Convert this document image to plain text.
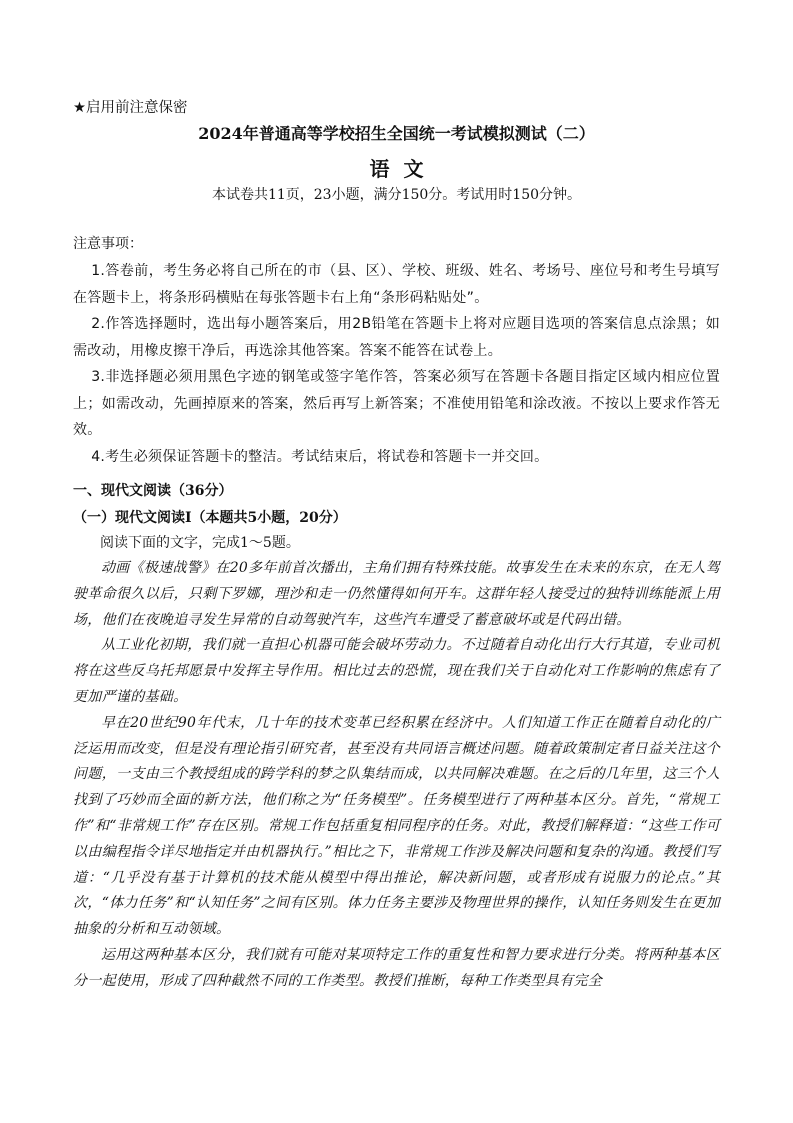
★启用前注意保密
2024年普通高等学校招生全国统一考试模拟测试（二）
语文
本试卷共11页，23小题，满分150分。考试用时150分钟。
注意事项：

1.答卷前，考生务必将自己所在的市（县、区）、学校、班级、姓名、考场号、座位号和考生号填写在答题卡上，将条形码横贴在每张答题卡右上角“条形码粘贴处”。

2.作答选择题时，选出每小题答案后，用2B铅笔在答题卡上将对应题目选项的答案信息点涂黑；如需改动，用橡皮擦干净后，再选涂其他答案。答案不能答在试卷上。

3.非选择题必须用黑色字迹的钢笔或签字笔作答，答案必须写在答题卡各题目指定区域内相应位置上；如需改动，先画掉原来的答案，然后再写上新答案；不准使用铅笔和涂改液。不按以上要求作答无效。

4.考生必须保证答题卡的整洁。考试结束后，将试卷和答题卡一并交回。

一、现代文阅读（36分）
（一）现代文阅读Ⅰ（本题共5小题，20分）
阅读下面的文字，完成1～5题。

动画《极速战警》在20多年前首次播出，主角们拥有特殊技能。故事发生在未来的东京，在无人驾驶革命很久以后，只剩下罗娜，理沙和走一仍然懂得如何开车。这群年轻人接受过的独特训练能派上用场，他们在夜晚追寻发生异常的自动驾驶汽车，这些汽车遭受了蓄意破坏或是代码出错。

从工业化初期，我们就一直担心机器可能会破坏劳动力。不过随着自动化出行大行其道，专业司机将在这些反乌托邦愿景中发挥主导作用。相比过去的恐慌，现在我们关于自动化对工作影响的焦虑有了更加严谨的基础。

早在20世纪90年代末，几十年的技术变革已经积累在经济中。人们知道工作正在随着自动化的广泛运用而改变，但是没有理论指引研究者，甚至没有共同语言概述问题。随着政策制定者日益关注这个问题，一支由三个教授组成的跨学科的梦之队集结而成，以共同解决难题。在之后的几年里，这三个人找到了巧妙而全面的新方法，他们称之为“任务模型”。任务模型进行了两种基本区分。首先，“常规工作”和“非常规工作”存在区别。常规工作包括重复相同程序的任务。对此，教授们解释道：“这些工作可以由编程指令详尽地指定并由机器执行。”相比之下，非常规工作涉及解决问题和复杂的沟通。教授们写道：“几乎没有基于计算机的技术能从模型中得出推论，解决新问题，或者形成有说服力的论点。”其次，“体力任务”和“认知任务”之间有区别。体力任务主要涉及物理世界的操作，认知任务则发生在更加抽象的分析和互动领域。

运用这两种基本区分，我们就有可能对某项特定工作的重复性和智力要求进行分类。将两种基本区分一起使用，形成了四种截然不同的工作类型。教授们推断，每种工作类型具有完全
